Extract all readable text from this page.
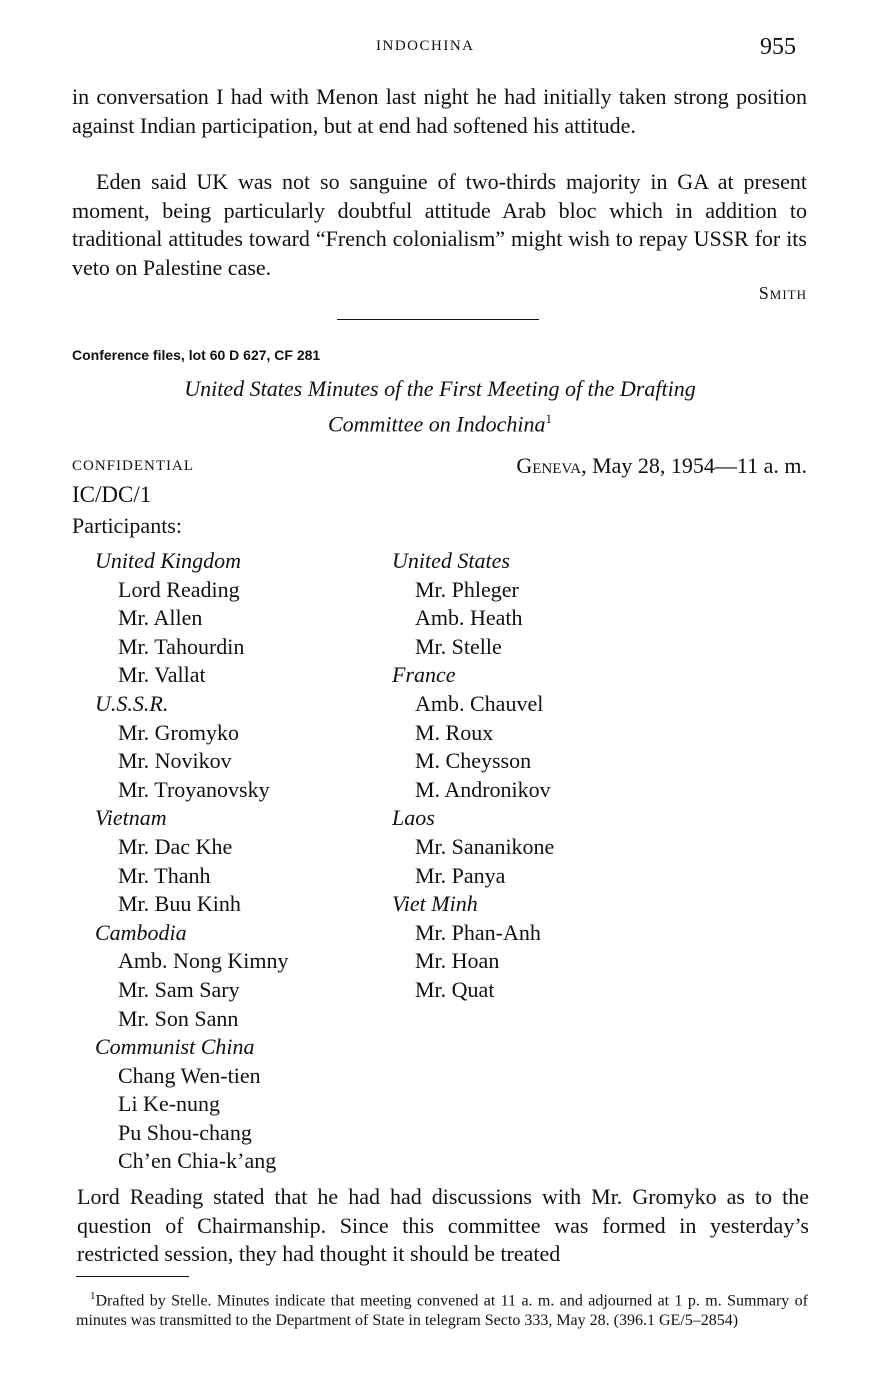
INDOCHINA	955
in conversation I had with Menon last night he had initially taken strong position against Indian participation, but at end had softened his attitude.
Eden said UK was not so sanguine of two-thirds majority in GA at present moment, being particularly doubtful attitude Arab bloc which in addition to traditional attitudes toward “French colonialism” might wish to repay USSR for its veto on Palestine case.
Smith
Conference files, lot 60 D 627, CF 281
United States Minutes of the First Meeting of the Drafting
Committee on Indochina$^1$
CONFIDENTIAL	Geneva, May 28, 1954—11 a. m.
IC/DC/1
Participants:
United Kingdom
Lord Reading
Mr. Allen
Mr. Tahourdin
Mr. Vallat
U.S.S.R.
Mr. Gromyko
Mr. Novikov
Mr. Troyanovsky
Vietnam
Mr. Dac Khe
Mr. Thanh
Mr. Buu Kinh
Cambodia
Amb. Nong Kimny
Mr. Sam Sary
Mr. Son Sann
Communist China
Chang Wen-tien
Li Ke-nung
Pu Shou-chang
Ch’en Chia-k’ang
United States
Mr. Phleger
Amb. Heath
Mr. Stelle
France
Amb. Chauvel
M. Roux
M. Cheysson
M. Andronikov
Laos
Mr. Sananikone
Mr. Panya
Viet Minh
Mr. Phan-Anh
Mr. Hoan
Mr. Quat
Lord Reading stated that he had had discussions with Mr. Gromyko as to the question of Chairmanship. Since this committee was formed in yesterday’s restricted session, they had thought it should be treated
$^1$Drafted by Stelle. Minutes indicate that meeting convened at 11 a. m. and adjourned at 1 p. m. Summary of minutes was transmitted to the Department of State in telegram Secto 333, May 28. (396.1 GE/5–2854)
